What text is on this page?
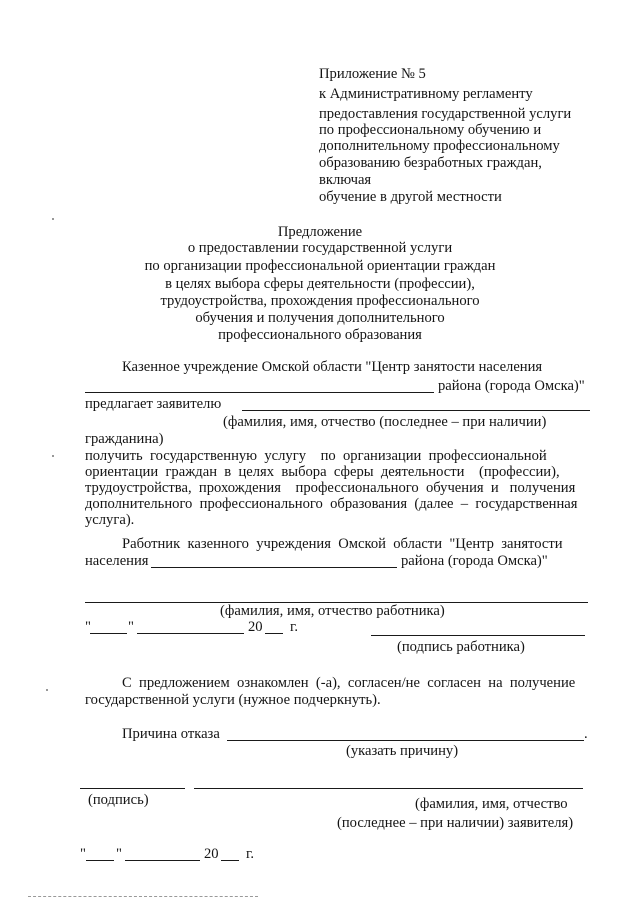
Приложение № 5

к Административному регламенту

предоставления государственной услуги

по профессиональному обучению и

дополнительному профессиональному

образованию безработных граждан,

включая

обучение в другой местности

Предложение

о предоставлении государственной услуги

по организации профессиональной ориентации граждан

в целях выбора сферы деятельности (профессии),

трудоустройства, прохождения профессионального

обучения и получения дополнительного

профессионального образования

Казенное учреждение Омской области "Центр занятости населения

района (города Омска)"

предлагает заявителю

(фамилия, имя, отчество (последнее – при наличии)

гражданина)

получить  государственную  услугу    по  организации  профессиональной
ориентации  граждан  в  целях  выбора  сферы  деятельности    (профессии),
трудоустройства,  прохождения    профессионального  обучения  и   получения
дополнительного  профессионального  образования  (далее  –  государственная
услуга).

Работник  казенного  учреждения  Омской  области  "Центр  занятости

населения	района (города Омска)"

(фамилия, имя, отчество работника)

"	"	20 г.

(подпись работника)

С  предложением  ознакомлен  (-а),  согласен/не  согласен  на  получение

государственной услуги (нужное подчеркнуть).

Причина отказа	.

(указать причину)

(подпись)	(фамилия, имя, отчество

(последнее – при наличии) заявителя)

" "	20 г.
